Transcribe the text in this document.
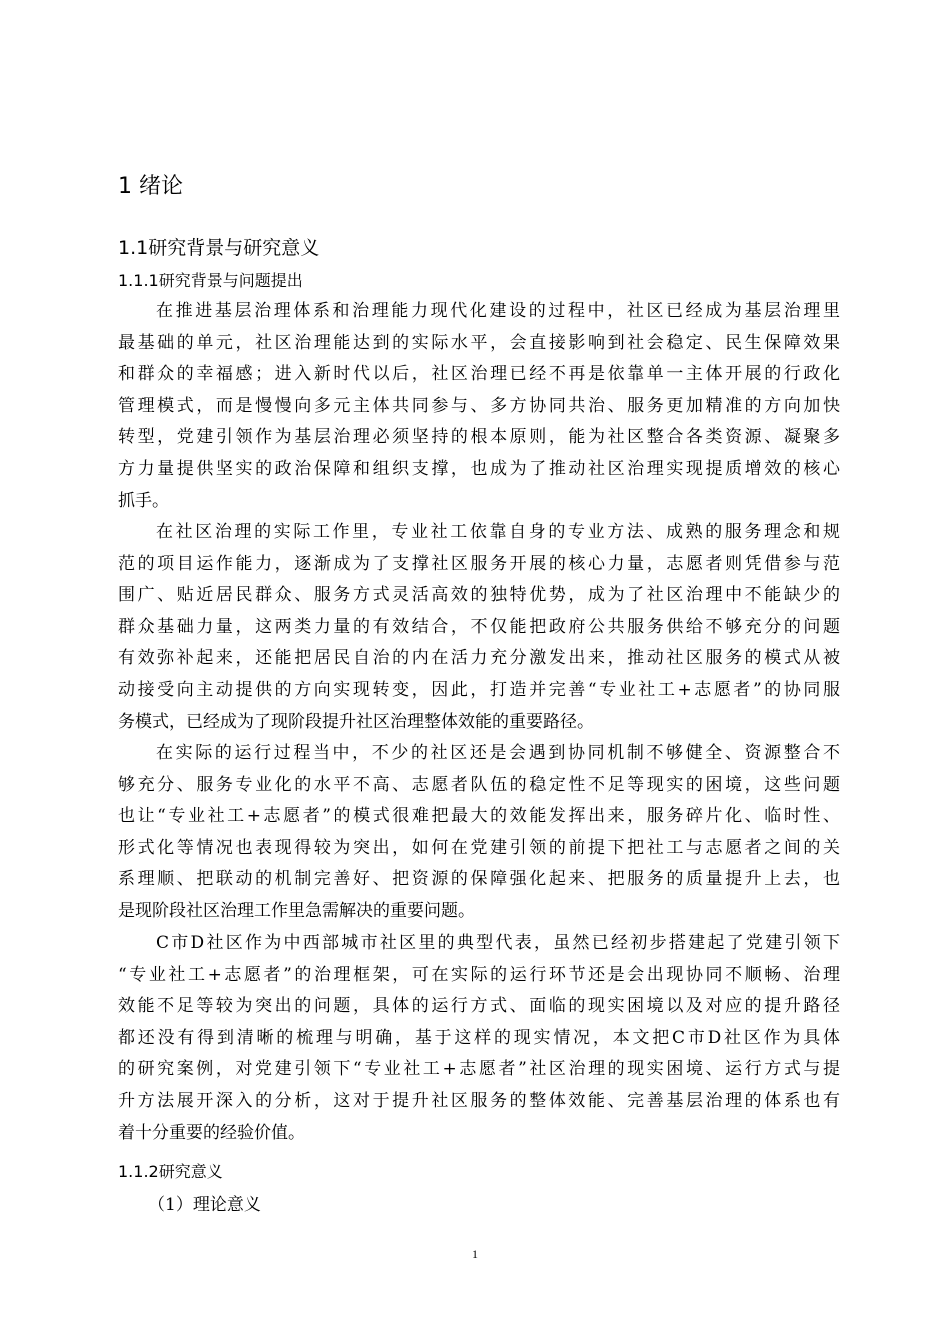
1 绪论
1.1研究背景与研究意义
1.1.1研究背景与问题提出
在推进基层治理体系和治理能力现代化建设的过程中，社区已经成为基层治理里
最基础的单元，社区治理能达到的实际水平，会直接影响到社会稳定、民生保障效果
和群众的幸福感；进入新时代以后，社区治理已经不再是依靠单一主体开展的行政化
管理模式，而是慢慢向多元主体共同参与、多方协同共治、服务更加精准的方向加快
转型，党建引领作为基层治理必须坚持的根本原则，能为社区整合各类资源、凝聚多
方力量提供坚实的政治保障和组织支撑，也成为了推动社区治理实现提质增效的核心
抓手。
在社区治理的实际工作里，专业社工依靠自身的专业方法、成熟的服务理念和规
范的项目运作能力，逐渐成为了支撑社区服务开展的核心力量，志愿者则凭借参与范
围广、贴近居民群众、服务方式灵活高效的独特优势，成为了社区治理中不能缺少的
群众基础力量，这两类力量的有效结合，不仅能把政府公共服务供给不够充分的问题
有效弥补起来，还能把居民自治的内在活力充分激发出来，推动社区服务的模式从被
动接受向主动提供的方向实现转变，因此，打造并完善“专业社工+志愿者”的协同服
务模式，已经成为了现阶段提升社区治理整体效能的重要路径。
在实际的运行过程当中，不少的社区还是会遇到协同机制不够健全、资源整合不
够充分、服务专业化的水平不高、志愿者队伍的稳定性不足等现实的困境，这些问题
也让“专业社工+志愿者”的模式很难把最大的效能发挥出来，服务碎片化、临时性、
形式化等情况也表现得较为突出，如何在党建引领的前提下把社工与志愿者之间的关
系理顺、把联动的机制完善好、把资源的保障强化起来、把服务的质量提升上去，也
是现阶段社区治理工作里急需解决的重要问题。
C市D社区作为中西部城市社区里的典型代表，虽然已经初步搭建起了党建引领下
“专业社工+志愿者”的治理框架，可在实际的运行环节还是会出现协同不顺畅、治理
效能不足等较为突出的问题，具体的运行方式、面临的现实困境以及对应的提升路径
都还没有得到清晰的梳理与明确，基于这样的现实情况，本文把C市D社区作为具体
的研究案例，对党建引领下“专业社工+志愿者”社区治理的现实困境、运行方式与提
升方法展开深入的分析，这对于提升社区服务的整体效能、完善基层治理的体系也有
着十分重要的经验价值。
1.1.2研究意义
（1）理论意义
1
